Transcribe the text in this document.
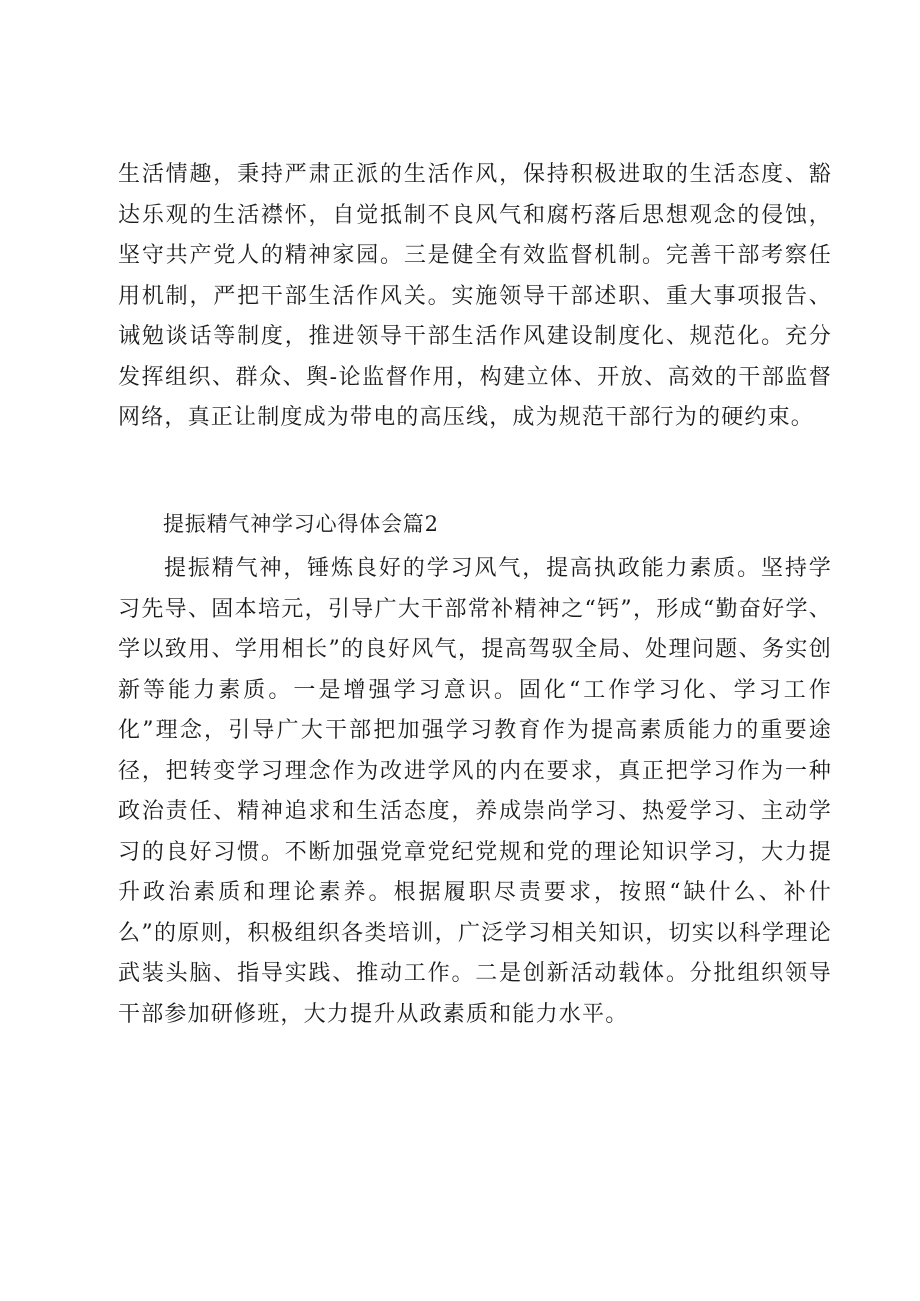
生活情趣，秉持严肃正派的生活作风，保持积极进取的生活态度、豁达乐观的生活襟怀，自觉抵制不良风气和腐朽落后思想观念的侵蚀，坚守共产党人的精神家园。三是健全有效监督机制。完善干部考察任用机制，严把干部生活作风关。实施领导干部述职、重大事项报告、诫勉谈话等制度，推进领导干部生活作风建设制度化、规范化。充分发挥组织、群众、舆-论监督作用，构建立体、开放、高效的干部监督网络，真正让制度成为带电的高压线，成为规范干部行为的硬约束。

提振精气神学习心得体会篇2

提振精气神，锤炼良好的学习风气，提高执政能力素质。坚持学习先导、固本培元，引导广大干部常补精神之“钙”，形成“勤奋好学、学以致用、学用相长”的良好风气，提高驾驭全局、处理问题、务实创新等能力素质。一是增强学习意识。固化“工作学习化、学习工作化”理念，引导广大干部把加强学习教育作为提高素质能力的重要途径，把转变学习理念作为改进学风的内在要求，真正把学习作为一种政治责任、精神追求和生活态度，养成崇尚学习、热爱学习、主动学习的良好习惯。不断加强党章党纪党规和党的理论知识学习，大力提升政治素质和理论素养。根据履职尽责要求，按照“缺什么、补什么”的原则，积极组织各类培训，广泛学习相关知识，切实以科学理论武装头脑、指导实践、推动工作。二是创新活动载体。分批组织领导干部参加研修班，大力提升从政素质和能力水平。
